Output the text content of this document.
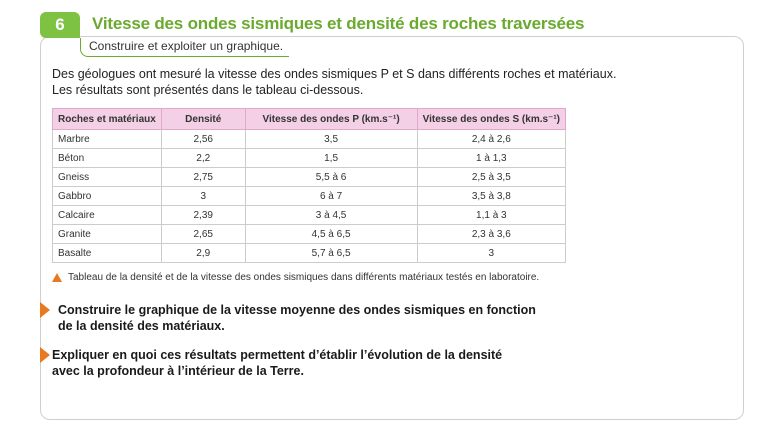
6 Vitesse des ondes sismiques et densité des roches traversées
Construire et exploiter un graphique.
Des géologues ont mesuré la vitesse des ondes sismiques P et S dans différents roches et matériaux.
Les résultats sont présentés dans le tableau ci-dessous.
Roches et matériaux	Densité	Vitesse des ondes P (km.s⁻¹)	Vitesse des ondes S (km.s⁻¹)
Marbre	2,56	3,5	2,4 à 2,6
Béton	2,2	1,5	1 à 1,3
Gneiss	2,75	5,5 à 6	2,5 à 3,5
Gabbro	3	6 à 7	3,5 à 3,8
Calcaire	2,39	3 à 4,5	1,1 à 3
Granite	2,65	4,5 à 6,5	2,3 à 3,6
Basalte	2,9	5,7 à 6,5	3
Tableau de la densité et de la vitesse des ondes sismiques dans différents matériaux testés en laboratoire.
Construire le graphique de la vitesse moyenne des ondes sismiques en fonction
de la densité des matériaux.
Expliquer en quoi ces résultats permettent d’établir l’évolution de la densité
avec la profondeur à l’intérieur de la Terre.
